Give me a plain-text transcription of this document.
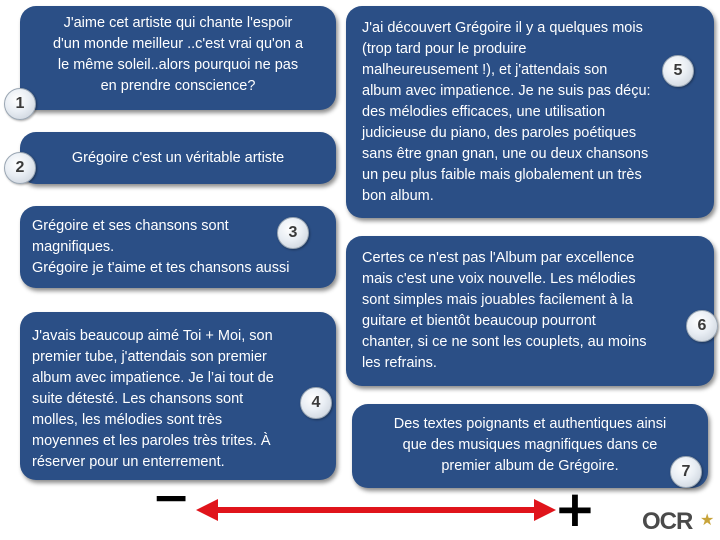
J'aime cet artiste qui chante l'espoir
d'un monde meilleur ..c'est vrai qu'on a
le même soleil..alors pourquoi ne pas
en prendre conscience?
1
Grégoire c'est un véritable artiste
2
Grégoire et ses chansons sont
magnifiques.
Grégoire je t'aime et tes chansons aussi
3
J'avais beaucoup aimé Toi + Moi, son
premier tube, j'attendais son premier
album avec impatience. Je l’ai tout de
suite détesté. Les chansons sont
molles, les mélodies sont très
moyennes et les paroles très trites. À
réserver pour un enterrement.
4
J'ai découvert Grégoire il y a quelques mois
(trop tard pour le produire
malheureusement !), et j'attendais son
album avec impatience. Je ne suis pas déçu:
des mélodies efficaces, une utilisation
judicieuse du piano, des paroles poétiques
sans être gnan gnan, une ou deux chansons
un peu plus faible mais globalement un très
bon album.
5
Certes ce n'est pas l'Album par excellence
mais c'est une voix nouvelle. Les mélodies
sont simples mais jouables facilement à la
guitare et bientôt beaucoup pourront
chanter, si ce ne sont les couplets, au moins
les refrains.
6
Des textes poignants et authentiques ainsi
que des musiques magnifiques dans ce
premier album de Grégoire.	7
−	+ OCR ★
